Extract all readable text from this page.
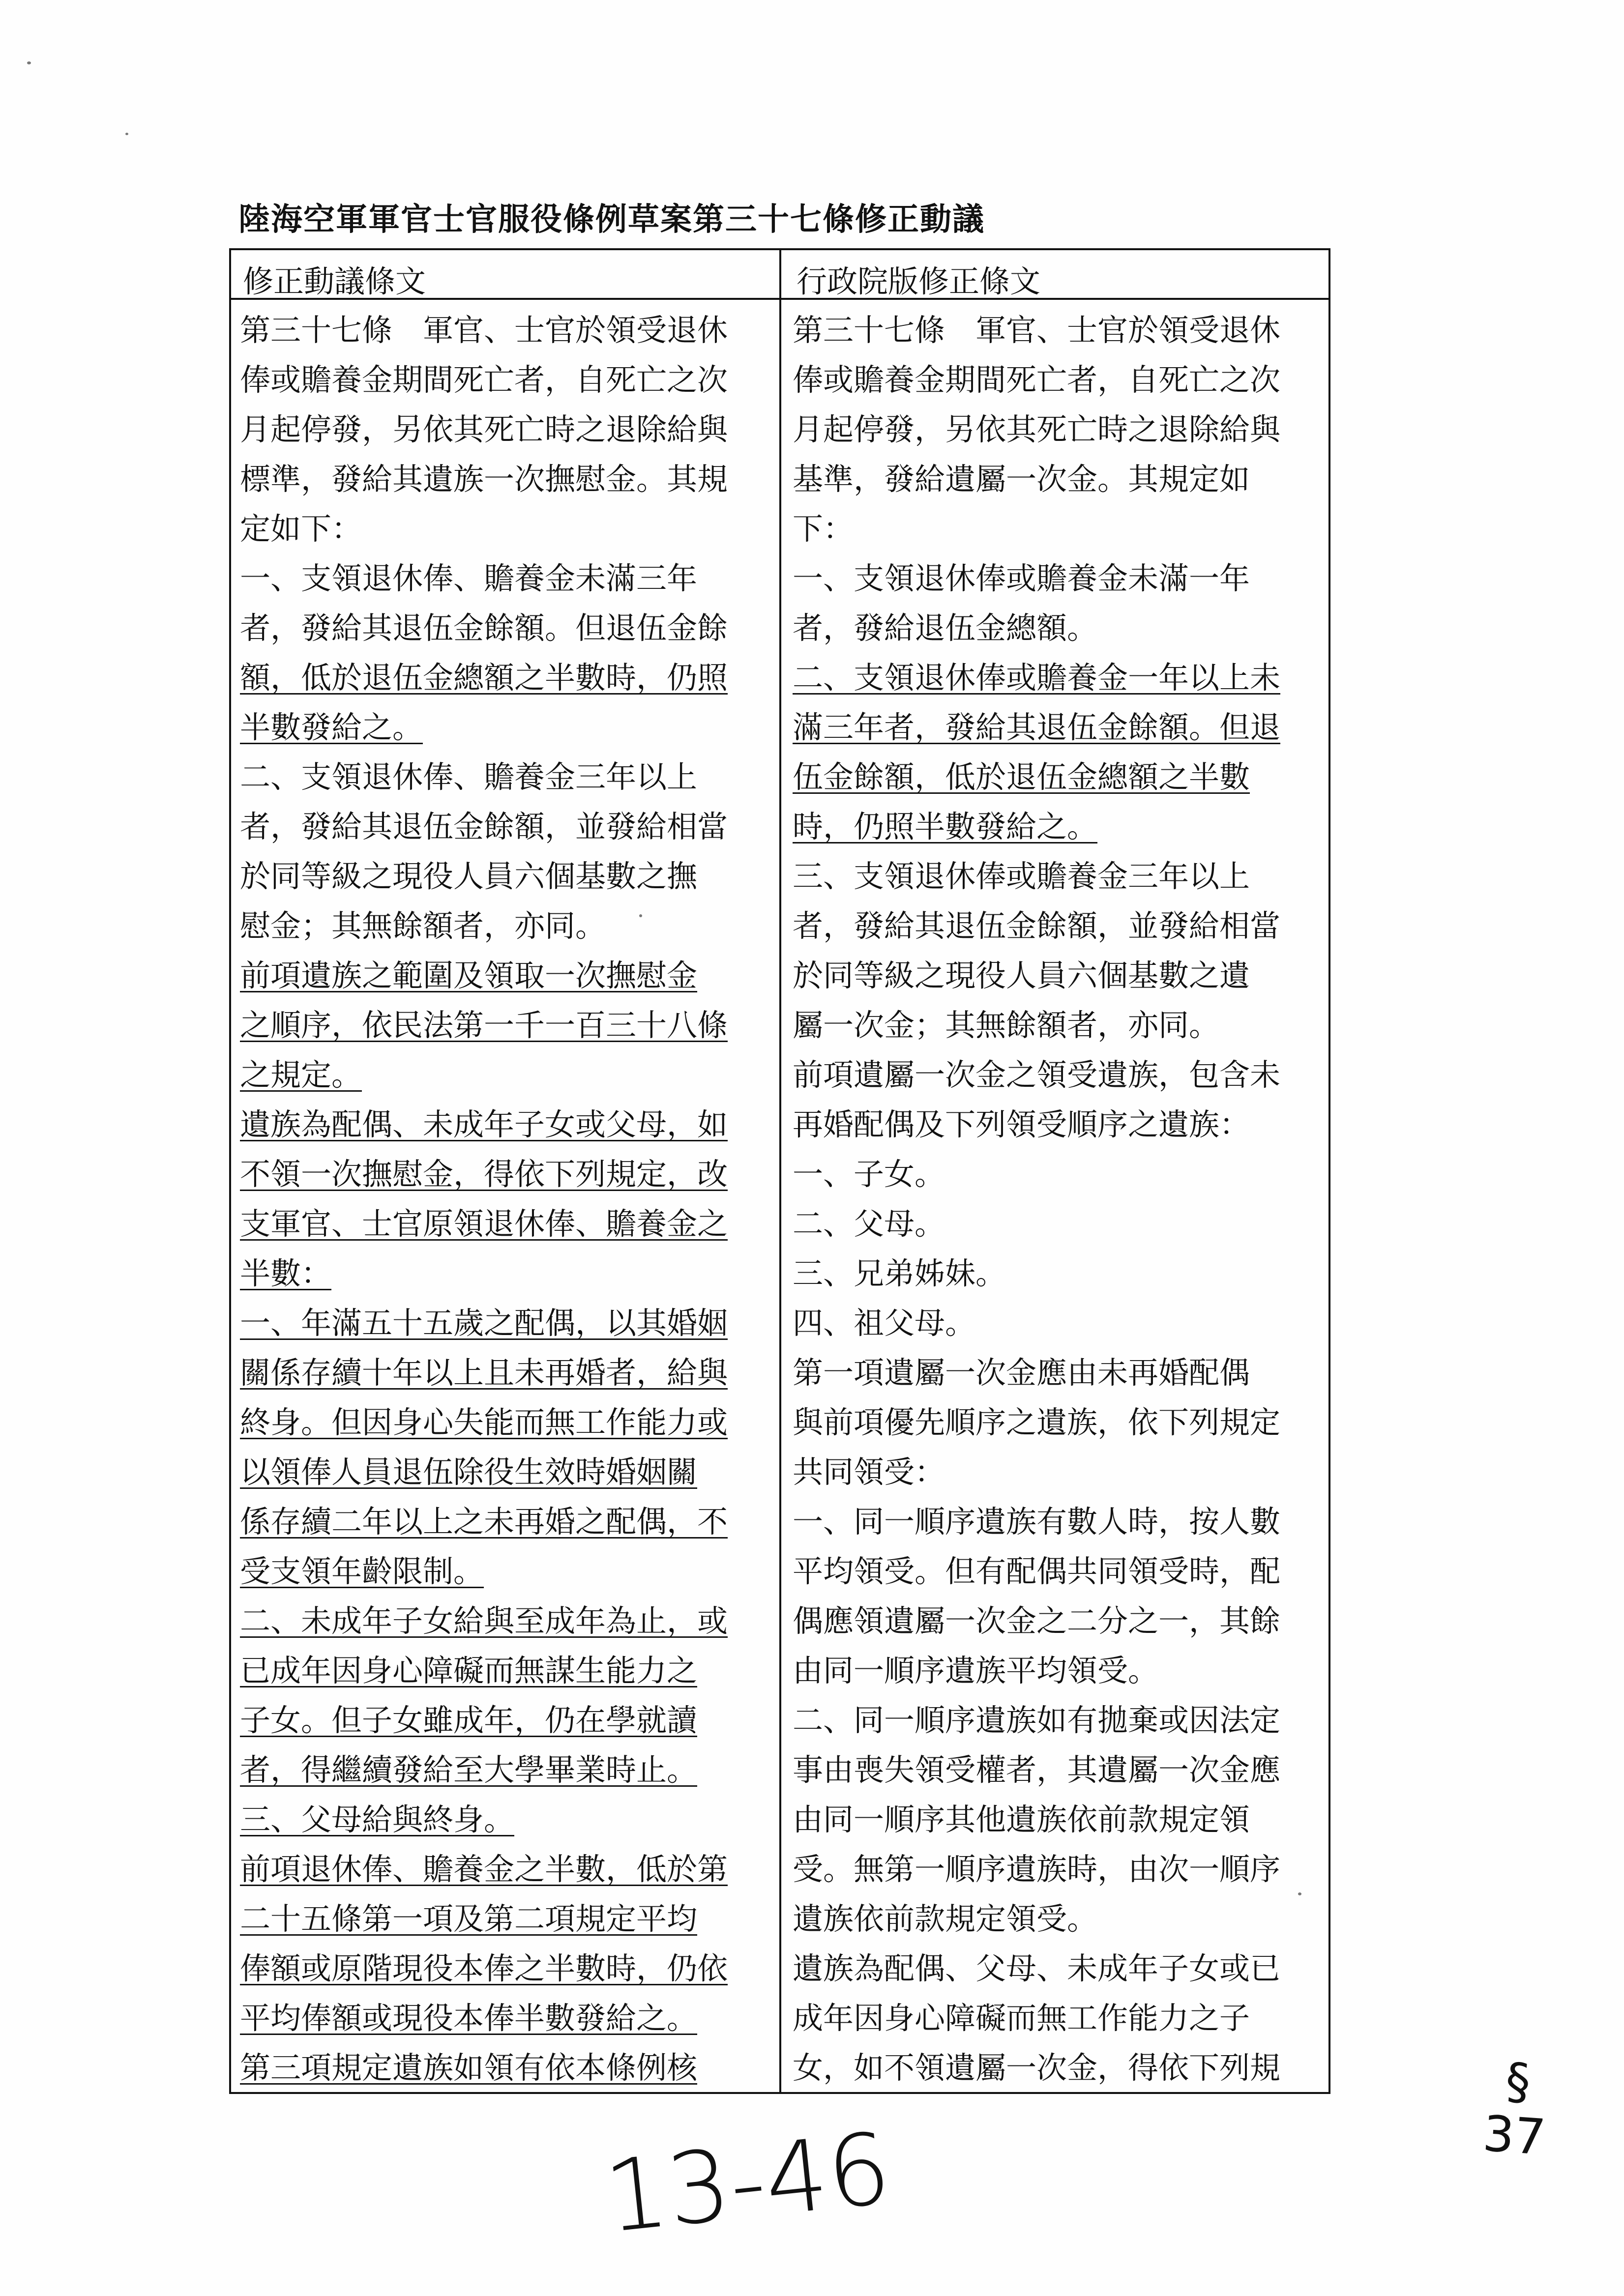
陸海空軍軍官士官服役條例草案第三十七條修正動議
修正動議條文	行政院版修正條文
第三十七條　軍官、士官於領受退休
俸或贍養金期間死亡者，自死亡之次
月起停發，另依其死亡時之退除給與
標準，發給其遺族一次撫慰金。其規
定如下：
一、支領退休俸、贍養金未滿三年
者，發給其退伍金餘額。但退伍金餘
額，低於退伍金總額之半數時，仍照
半數發給之。
二、支領退休俸、贍養金三年以上
者，發給其退伍金餘額，並發給相當
於同等級之現役人員六個基數之撫
慰金；其無餘額者，亦同。
前項遺族之範圍及領取一次撫慰金
之順序，依民法第一千一百三十八條
之規定。
遺族為配偶、未成年子女或父母，如
不領一次撫慰金，得依下列規定，改
支軍官、士官原領退休俸、贍養金之
半數：
一、年滿五十五歲之配偶，以其婚姻
關係存續十年以上且未再婚者，給與
終身。但因身心失能而無工作能力或
以領俸人員退伍除役生效時婚姻關
係存續二年以上之未再婚之配偶，不
受支領年齡限制。
二、未成年子女給與至成年為止，或
已成年因身心障礙而無謀生能力之
子女。但子女雖成年，仍在學就讀
者，得繼續發給至大學畢業時止。
三、父母給與終身。
前項退休俸、贍養金之半數，低於第
二十五條第一項及第二項規定平均
俸額或原階現役本俸之半數時，仍依
平均俸額或現役本俸半數發給之。
第三項規定遺族如領有依本條例核
第三十七條　軍官、士官於領受退休
俸或贍養金期間死亡者，自死亡之次
月起停發，另依其死亡時之退除給與
基準，發給遺屬一次金。其規定如
下：
一、支領退休俸或贍養金未滿一年
者，發給退伍金總額。
二、支領退休俸或贍養金一年以上未
滿三年者，發給其退伍金餘額。但退
伍金餘額，低於退伍金總額之半數
時，仍照半數發給之。
三、支領退休俸或贍養金三年以上
者，發給其退伍金餘額，並發給相當
於同等級之現役人員六個基數之遺
屬一次金；其無餘額者，亦同。
前項遺屬一次金之領受遺族，包含未
再婚配偶及下列領受順序之遺族：
一、子女。
二、父母。
三、兄弟姊妹。
四、祖父母。
第一項遺屬一次金應由未再婚配偶
與前項優先順序之遺族，依下列規定
共同領受：
一、同一順序遺族有數人時，按人數
平均領受。但有配偶共同領受時，配
偶應領遺屬一次金之二分之一，其餘
由同一順序遺族平均領受。
二、同一順序遺族如有拋棄或因法定
事由喪失領受權者，其遺屬一次金應
由同一順序其他遺族依前款規定領
受。無第一順序遺族時，由次一順序
遺族依前款規定領受。
遺族為配偶、父母、未成年子女或已
成年因身心障礙而無工作能力之子
女，如不領遺屬一次金，得依下列規
13-46
§
37
